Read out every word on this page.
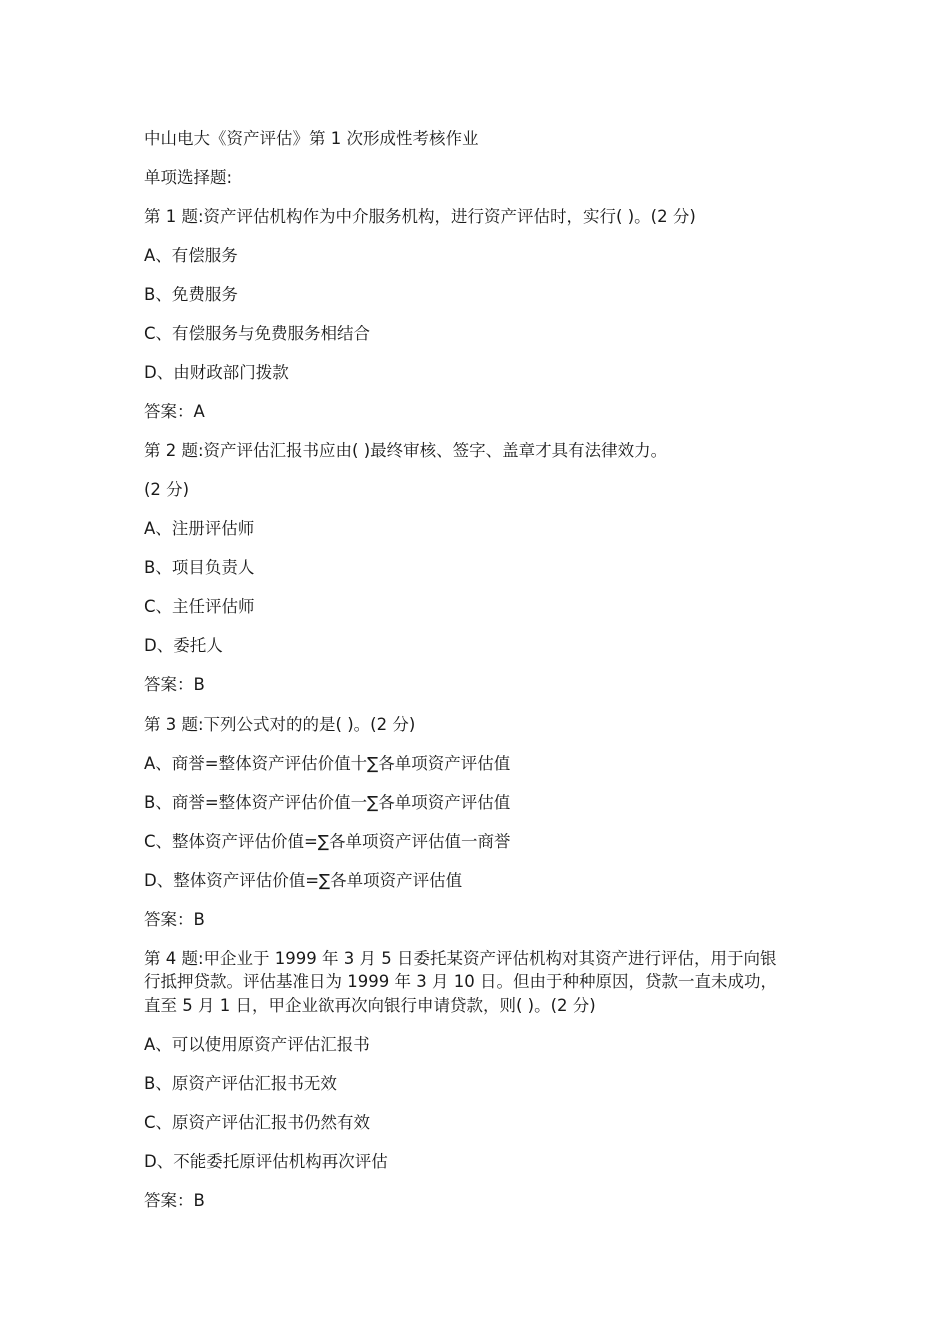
中山电大《资产评估》第 1 次形成性考核作业

单项选择题:

第 1 题:资产评估机构作为中介服务机构，进行资产评估时，实行( )。(2 分)

A、有偿服务

B、免费服务

C、有偿服务与免费服务相结合

D、由财政部门拨款

答案：A

第 2 题:资产评估汇报书应由( )最终审核、签字、盖章才具有法律效力。

(2 分)

A、注册评估师

B、项目负责人

C、主任评估师

D、委托人

答案：B

第 3 题:下列公式对的的是( )。(2 分)

A、商誉=整体资产评估价值十∑各单项资产评估值

B、商誉=整体资产评估价值一∑各单项资产评估值

C、整体资产评估价值=∑各单项资产评估值一商誉

D、整体资产评估价值=∑各单项资产评估值

答案：B

第 4 题:甲企业于 1999 年 3 月 5 日委托某资产评估机构对其资产进行评估，用于向银

行抵押贷款。评估基准日为 1999 年 3 月 10 日。但由于种种原因，贷款一直未成功，

直至 5 月 1 日，甲企业欲再次向银行申请贷款，则( )。(2 分)

A、可以使用原资产评估汇报书

B、原资产评估汇报书无效

C、原资产评估汇报书仍然有效

D、不能委托原评估机构再次评估

答案：B
